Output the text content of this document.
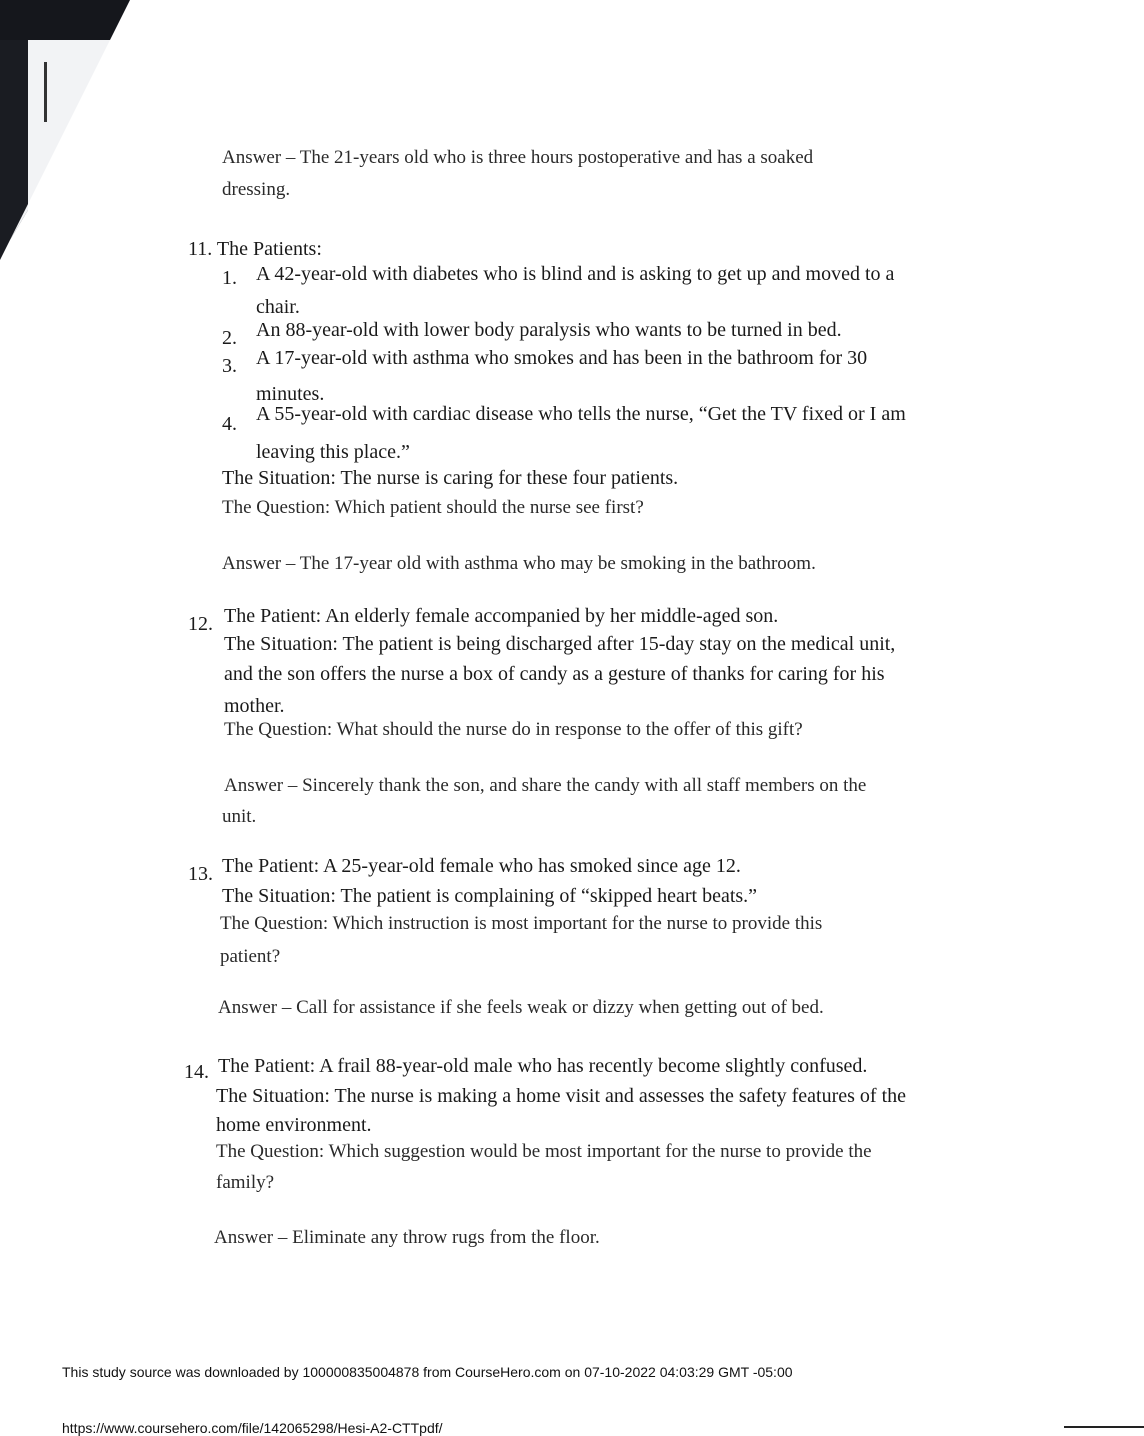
Answer – The 21-years old who is three hours postoperative and has a soaked
dressing.
11. The Patients:
1. A 42-year-old with diabetes who is blind and is asking to get up and moved to a
chair.
2. An 88-year-old with lower body paralysis who wants to be turned in bed.
3. A 17-year-old with asthma who smokes and has been in the bathroom for 30
minutes.
4. A 55-year-old with cardiac disease who tells the nurse, “Get the TV fixed or I am
leaving this place.”
The Situation: The nurse is caring for these four patients.
The Question: Which patient should the nurse see first?
Answer – The 17-year old with asthma who may be smoking in the bathroom.
12. The Patient: An elderly female accompanied by her middle-aged son.
The Situation: The patient is being discharged after 15-day stay on the medical unit,
and the son offers the nurse a box of candy as a gesture of thanks for caring for his
mother.
The Question: What should the nurse do in response to the offer of this gift?
Answer – Sincerely thank the son, and share the candy with all staff members on the
unit.
13. The Patient: A 25-year-old female who has smoked since age 12.
The Situation: The patient is complaining of “skipped heart beats.”
The Question: Which instruction is most important for the nurse to provide this
patient?
Answer – Call for assistance if she feels weak or dizzy when getting out of bed.
14. The Patient: A frail 88-year-old male who has recently become slightly confused.
The Situation: The nurse is making a home visit and assesses the safety features of the
home environment.
The Question: Which suggestion would be most important for the nurse to provide the
family?
Answer – Eliminate any throw rugs from the floor.
This study source was downloaded by 100000835004878 from CourseHero.com on 07-10-2022 04:03:29 GMT -05:00
https://www.coursehero.com/file/142065298/Hesi-A2-CTTpdf/
